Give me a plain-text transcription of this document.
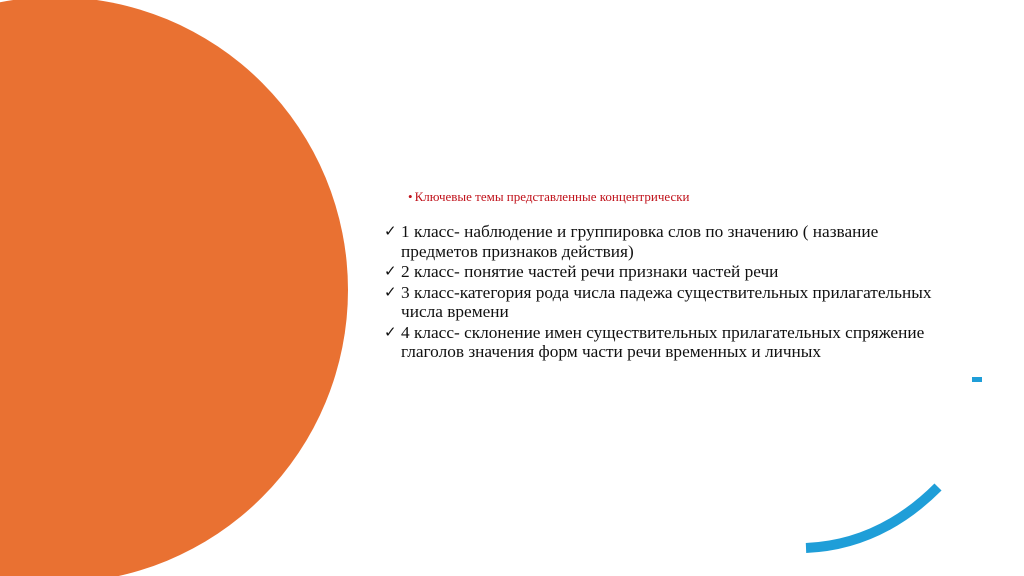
• Ключевые темы представленные концентрически
✓ 1 класс- наблюдение и группировка слов по значению ( название предметов признаков действия)
✓ 2 класс- понятие частей речи признаки частей речи
✓ 3 класс-категория рода числа падежа существительных прилагательных числа времени
✓ 4 класс- склонение имен существительных прилагательных спряжение глаголов значения форм части речи временных и личных
